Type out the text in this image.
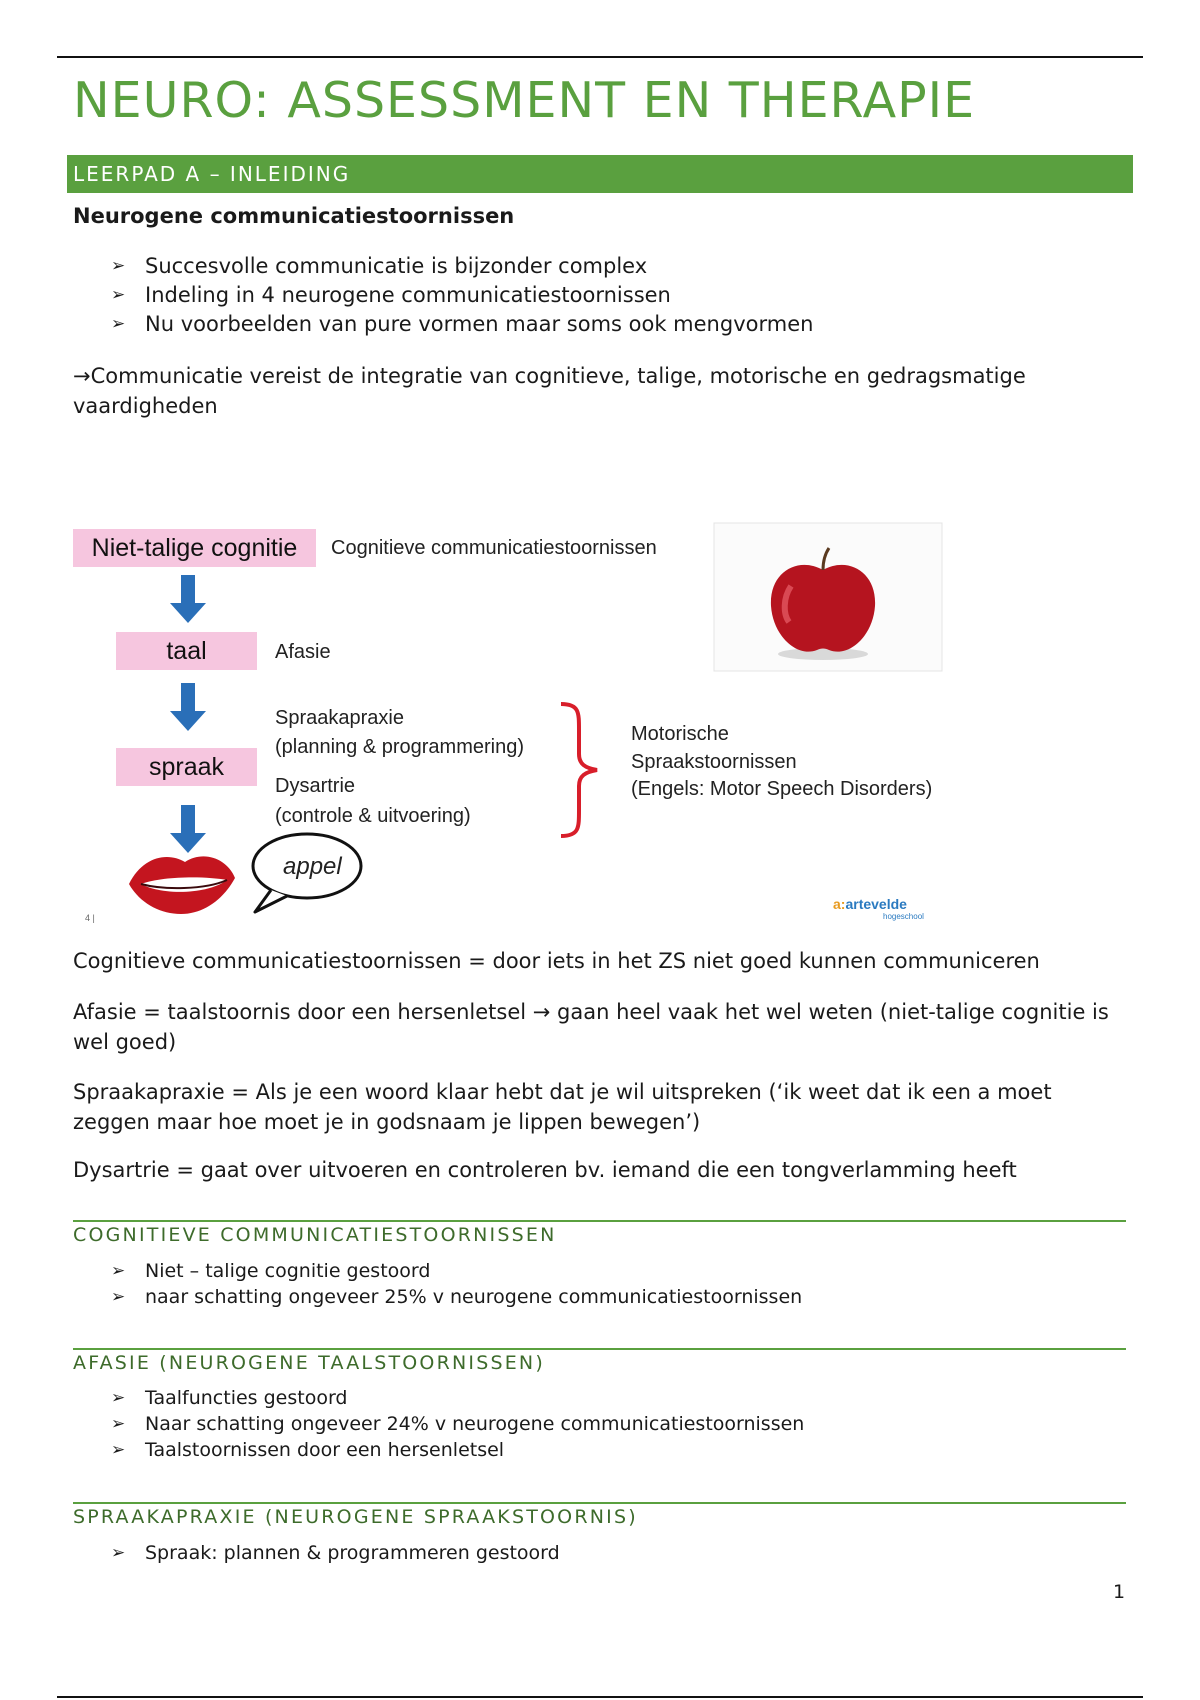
NEURO: ASSESSMENT EN THERAPIE
LEERPAD A – INLEIDING
Neurogene communicatiestoornissen
➢ Succesvolle communicatie is bijzonder complex
➢ Indeling in 4 neurogene communicatiestoornissen
➢ Nu voorbeelden van pure vormen maar soms ook mengvormen
→Communicatie vereist de integratie van cognitieve, talige, motorische en gedragsmatige vaardigheden
Niet-talige cognitie	Cognitieve communicatiestoornissen
taal	Afasie
spraak
Spraakapraxie
(planning & programmering)
Dysartrie
(controle & uitvoering)
Motorische
Spraakstoornissen
(Engels: Motor Speech Disorders)
appel
a:artevelde
hogeschool
4 |
Cognitieve communicatiestoornissen = door iets in het ZS niet goed kunnen communiceren
Afasie = taalstoornis door een hersenletsel → gaan heel vaak het wel weten (niet-talige cognitie is wel goed)
Spraakapraxie = Als je een woord klaar hebt dat je wil uitspreken (‘ik weet dat ik een a moet zeggen maar hoe moet je in godsnaam je lippen bewegen’)
Dysartrie = gaat over uitvoeren en controleren bv. iemand die een tongverlamming heeft
COGNITIEVE COMMUNICATIESTOORNISSEN
➢ Niet – talige cognitie gestoord
➢ naar schatting ongeveer 25% v neurogene communicatiestoornissen
AFASIE (NEUROGENE TAALSTOORNISSEN)
➢ Taalfuncties gestoord
➢ Naar schatting ongeveer 24% v neurogene communicatiestoornissen
➢ Taalstoornissen door een hersenletsel
SPRAAKAPRAXIE (NEUROGENE SPRAAKSTOORNIS)
➢ Spraak: plannen & programmeren gestoord
1
